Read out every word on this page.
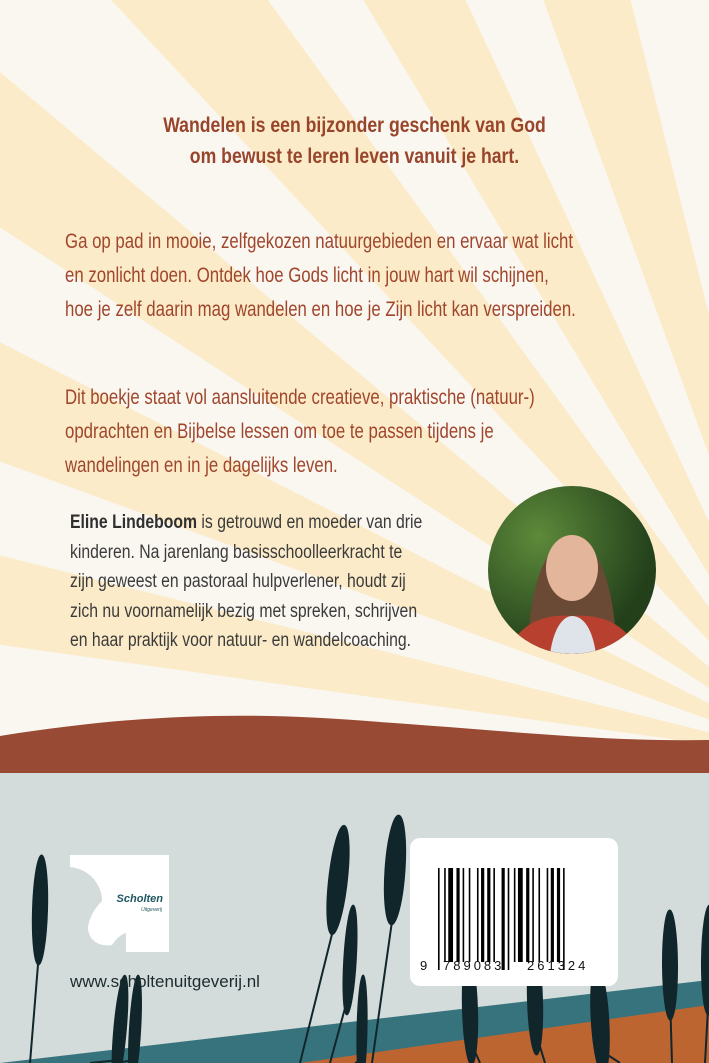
Wandelen is een bijzonder geschenk van God
om bewust te leren leven vanuit je hart.
Ga op pad in mooie, zelfgekozen natuurgebieden en ervaar wat licht
en zonlicht doen. Ontdek hoe Gods licht in jouw hart wil schijnen,
hoe je zelf daarin mag wandelen en hoe je Zijn licht kan verspreiden.
Dit boekje staat vol aansluitende creatieve, praktische (natuur-)
opdrachten en Bijbelse lessen om toe te passen tijdens je
wandelingen en in je dagelijks leven.
Eline Lindeboom is getrouwd en moeder van drie
kinderen. Na jarenlang basisschoolleerkracht te
zijn geweest en pastoraal hulpverlener, houdt zij
zich nu voornamelijk bezig met spreken, schrijven
en haar praktijk voor natuur- en wandelcoaching.
Scholten
Uitgeverij
www.scholtenuitgeverij.nl
9 789083 261324
